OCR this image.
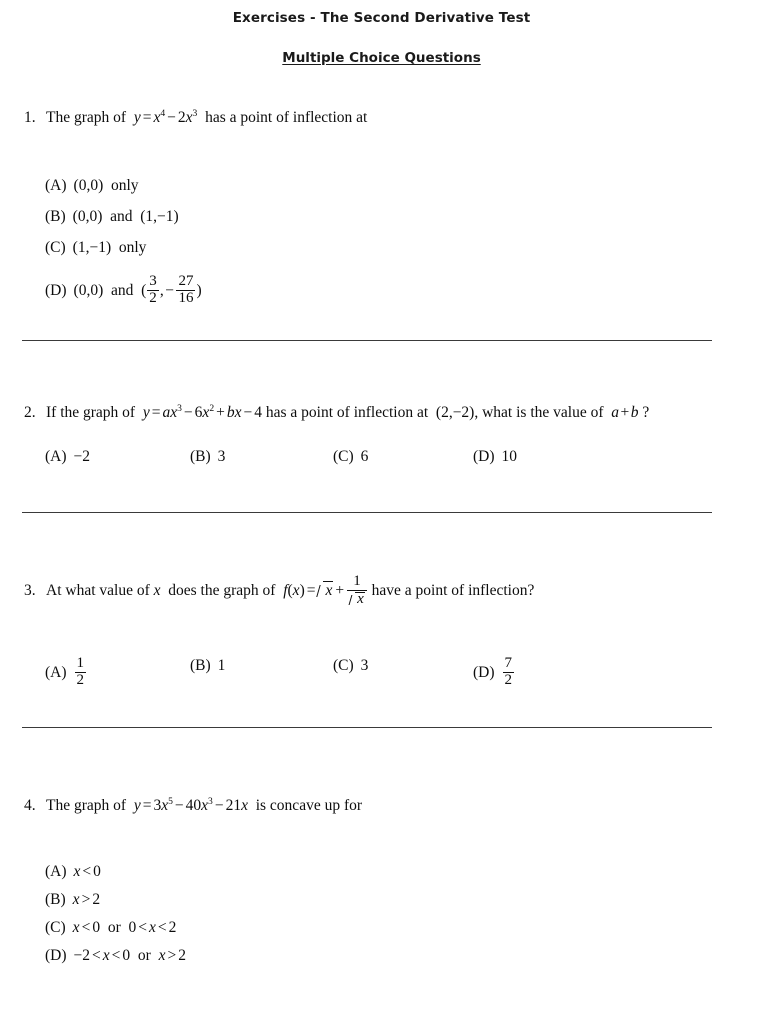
Exercises - The Second Derivative Test
Multiple Choice Questions
1. The graph of $y = x^4 - 2x^3$ has a point of inflection at
(A) (0,0) only
(B) (0,0) and (1,−1)
(C) (1,−1) only
(D) (0,0) and ( $\frac{3}{2}$ ,− $\frac{27}{16}$ )
2. If the graph of $y = ax^3 - 6x^2$ + bx − 4 has a point of inflection at (2,−2), what is the value of a+b ?
(A) −2	(B) 3	(C) 6	(D) 10
3. At what value of x does the graph of $f(x) = x + \frac{1}{x}$ have a point of inflection?
$(A) \frac{1}{2}$	(B) 1	(C) 3	$(D) \frac{7}{2}$
4. The graph of $y = 3x^5 - 40x^3 - 21x$ is concave up for
(A) x < 0
(B) x > 2
(C) x < 0 or 0 < x < 2
(D) −2 < x < 0 or x > 2
